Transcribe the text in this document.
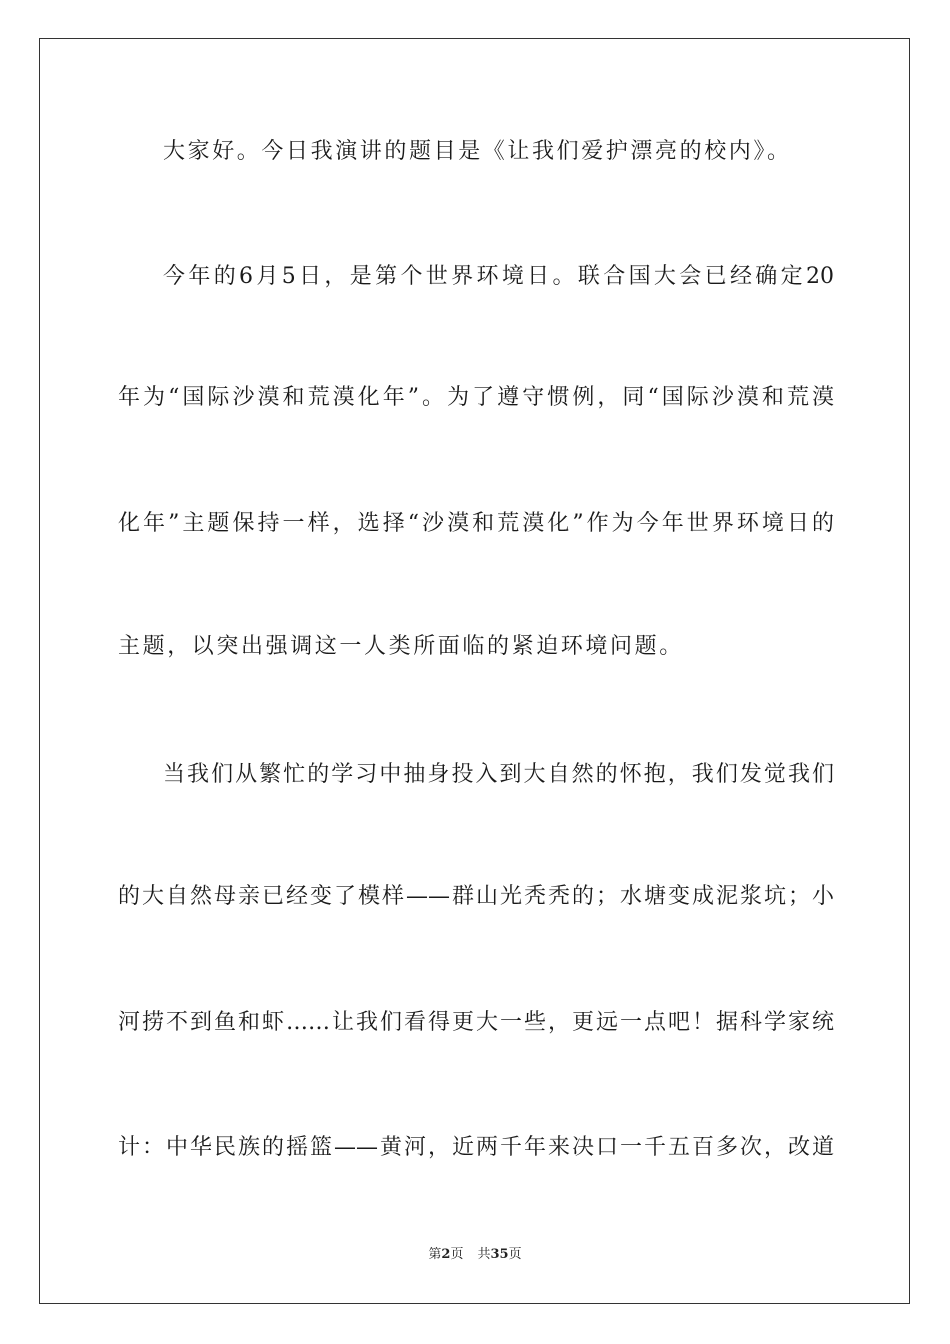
大家好。今日我演讲的题目是《让我们爱护漂亮的校内》。
今年的6月5日，是第个世界环境日。联合国大会已经确定20
年为“国际沙漠和荒漠化年”。为了遵守惯例，同“国际沙漠和荒漠
化年”主题保持一样，选择“沙漠和荒漠化”作为今年世界环境日的
主题，以突出强调这一人类所面临的紧迫环境问题。
当我们从繁忙的学习中抽身投入到大自然的怀抱，我们发觉我们
的大自然母亲已经变了模样——群山光秃秃的；水塘变成泥浆坑；小
河捞不到鱼和虾……让我们看得更大一些，更远一点吧！据科学家统
计：中华民族的摇篮——黄河，近两千年来决口一千五百多次，改道
第2页 共35页
